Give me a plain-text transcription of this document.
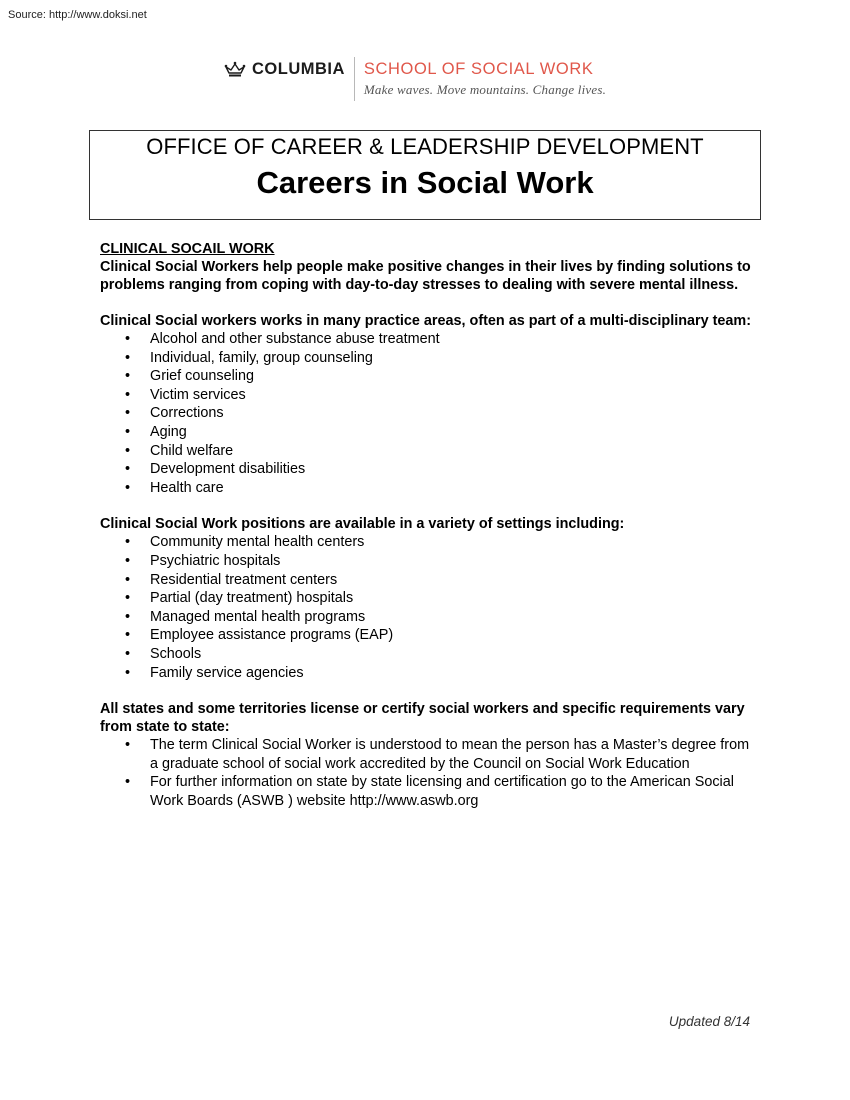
Source: http://www.doksi.net
COLUMBIA SCHOOL OF SOCIAL WORK
Make waves. Move mountains. Change lives.
OFFICE OF CAREER & LEADERSHIP DEVELOPMENT
Careers in Social Work

CLINICAL SOCAIL WORK

Clinical Social Workers help people make positive changes in their lives by finding solutions to problems ranging from coping with day-to-day stresses to dealing with severe mental illness.

Clinical Social workers works in many practice areas, often as part of a multi-disciplinary team:

• Alcohol and other substance abuse treatment
• Individual, family, group counseling
• Grief counseling
• Victim services
• Corrections
• Aging
• Child welfare
• Development disabilities
• Health care

Clinical Social Work positions are available in a variety of settings including:

• Community mental health centers
• Psychiatric hospitals
• Residential treatment centers
• Partial (day treatment) hospitals
• Managed mental health programs
• Employee assistance programs (EAP)
• Schools
• Family service agencies

All states and some territories license or certify social workers and specific requirements vary from state to state:

• The term Clinical Social Worker is understood to mean the person has a Master’s degree from a graduate school of social work accredited by the Council on Social Work Education
• For further information on state by state licensing and certification go to the American Social Work Boards (ASWB ) website http://www.aswb.org
Updated 8/14
